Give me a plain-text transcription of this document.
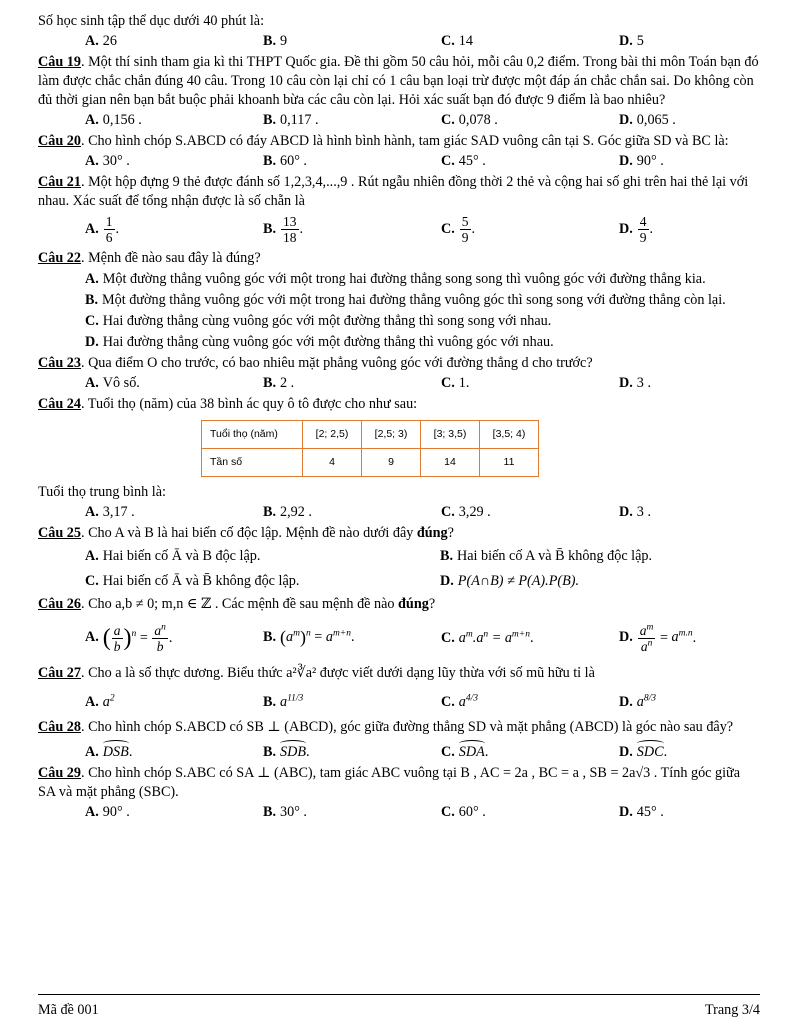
Số học sinh tập thể dục dưới 40 phút là:

A. 26	B. 9	C. 14	D. 5

Câu 19. Một thí sinh tham gia kì thi THPT Quốc gia. Đề thi gồm 50 câu hỏi, mỗi câu 0,2 điểm. Trong bài thi môn Toán bạn đó làm được chắc chắn đúng 40 câu. Trong 10 câu còn lại chỉ có 1 câu bạn loại trừ được một đáp án chắc chắn sai. Do không còn đủ thời gian nên bạn bắt buộc phải khoanh bừa các câu còn lại. Hỏi xác suất bạn đó được 9 điểm là bao nhiêu?

A. 0,156 .	B. 0,117 .	C. 0,078 .	D. 0,065 .

Câu 20. Cho hình chóp S.ABCD có đáy ABCD là hình bình hành, tam giác SAD vuông cân tại S. Góc giữa SD và BC là:

A. 30° .	B. 60° .	C. 45° .	D. 90° .

Câu 21. Một hộp đựng 9 thẻ được đánh số 1,2,3,4,...,9 . Rút ngẫu nhiên đồng thời 2 thẻ và cộng hai số ghi trên hai thẻ lại với nhau. Xác suất để tổng nhận được là số chẵn là

A. $\frac{1}{6}$ .	B. $\frac{13}{18}$ .	C. $\frac{5}{9}$ .	D. $\frac{4}{9}$ .

Câu 22. Mệnh đề nào sau đây là đúng?

A. Một đường thẳng vuông góc với một trong hai đường thẳng song song thì vuông góc với đường thẳng kia.

B. Một đường thẳng vuông góc với một trong hai đường thẳng vuông góc thì song song với đường thẳng còn lại.

C. Hai đường thẳng cùng vuông góc với một đường thẳng thì song song với nhau.

D. Hai đường thẳng cùng vuông góc với một đường thẳng thì vuông góc với nhau.

Câu 23. Qua điểm O cho trước, có bao nhiêu mặt phẳng vuông góc với đường thẳng d cho trước?

A. Vô số.	B. 2 .	C. 1.	D. 3 .

Câu 24. Tuổi thọ (năm) của 38 bình ác quy ô tô được cho như sau:

Tuổi thọ (năm)	[2; 2,5)	[2,5; 3)	[3; 3,5)	[3,5; 4)
Tần số	4	9	14	11

Tuổi thọ trung bình là:

A. 3,17 .	B. 2,92 .	C. 3,29 .	D. 3 .

Câu 25. Cho A và B là hai biến cố độc lập. Mệnh đề nào dưới đây đúng?

A. Hai biến cố Ā và B độc lập.	B. Hai biến cố A và B̄ không độc lập.
C. Hai biến cố Ā và B̄ không độc lập.	D. P(A∩B) ≠ P(A).P(B).

Câu 26. Cho a,b ≠ 0; m,n ∈ ℤ . Các mệnh đề sau mệnh đề nào đúng?

A. ( $\frac{a}{b} )^n = \frac{a^n}{b}$ .	B. $(a^m)^n = a^{m+n}$.	C. $a^m.a^n = a^{m+n}$.	D. $\frac{a^m}{a^n} = a^{m.n}$.

Câu 27. Cho a là số thực dương. Biểu thức a²∛a² được viết dưới dạng lũy thừa với số mũ hữu tỉ là

A. $a^2$	B. $a^{11/3}$	C. $a^{4/3}$	D. $a^{8/3}$

Câu 28. Cho hình chóp S.ABCD có SB ⊥ (ABCD), góc giữa đường thẳng SD và mặt phẳng (ABCD) là góc nào sau đây?

A. DSB.	B. SDB.	C. SDA.	D. SDC.

Câu 29. Cho hình chóp S.ABC có SA ⊥ (ABC), tam giác ABC vuông tại B , AC = 2a , BC = a , SB = 2a√3 . Tính góc giữa SA và mặt phẳng (SBC).

A. 90° .	B. 30° .	C. 60° .	D. 45° .
Mã đề 001	Trang 3/4
